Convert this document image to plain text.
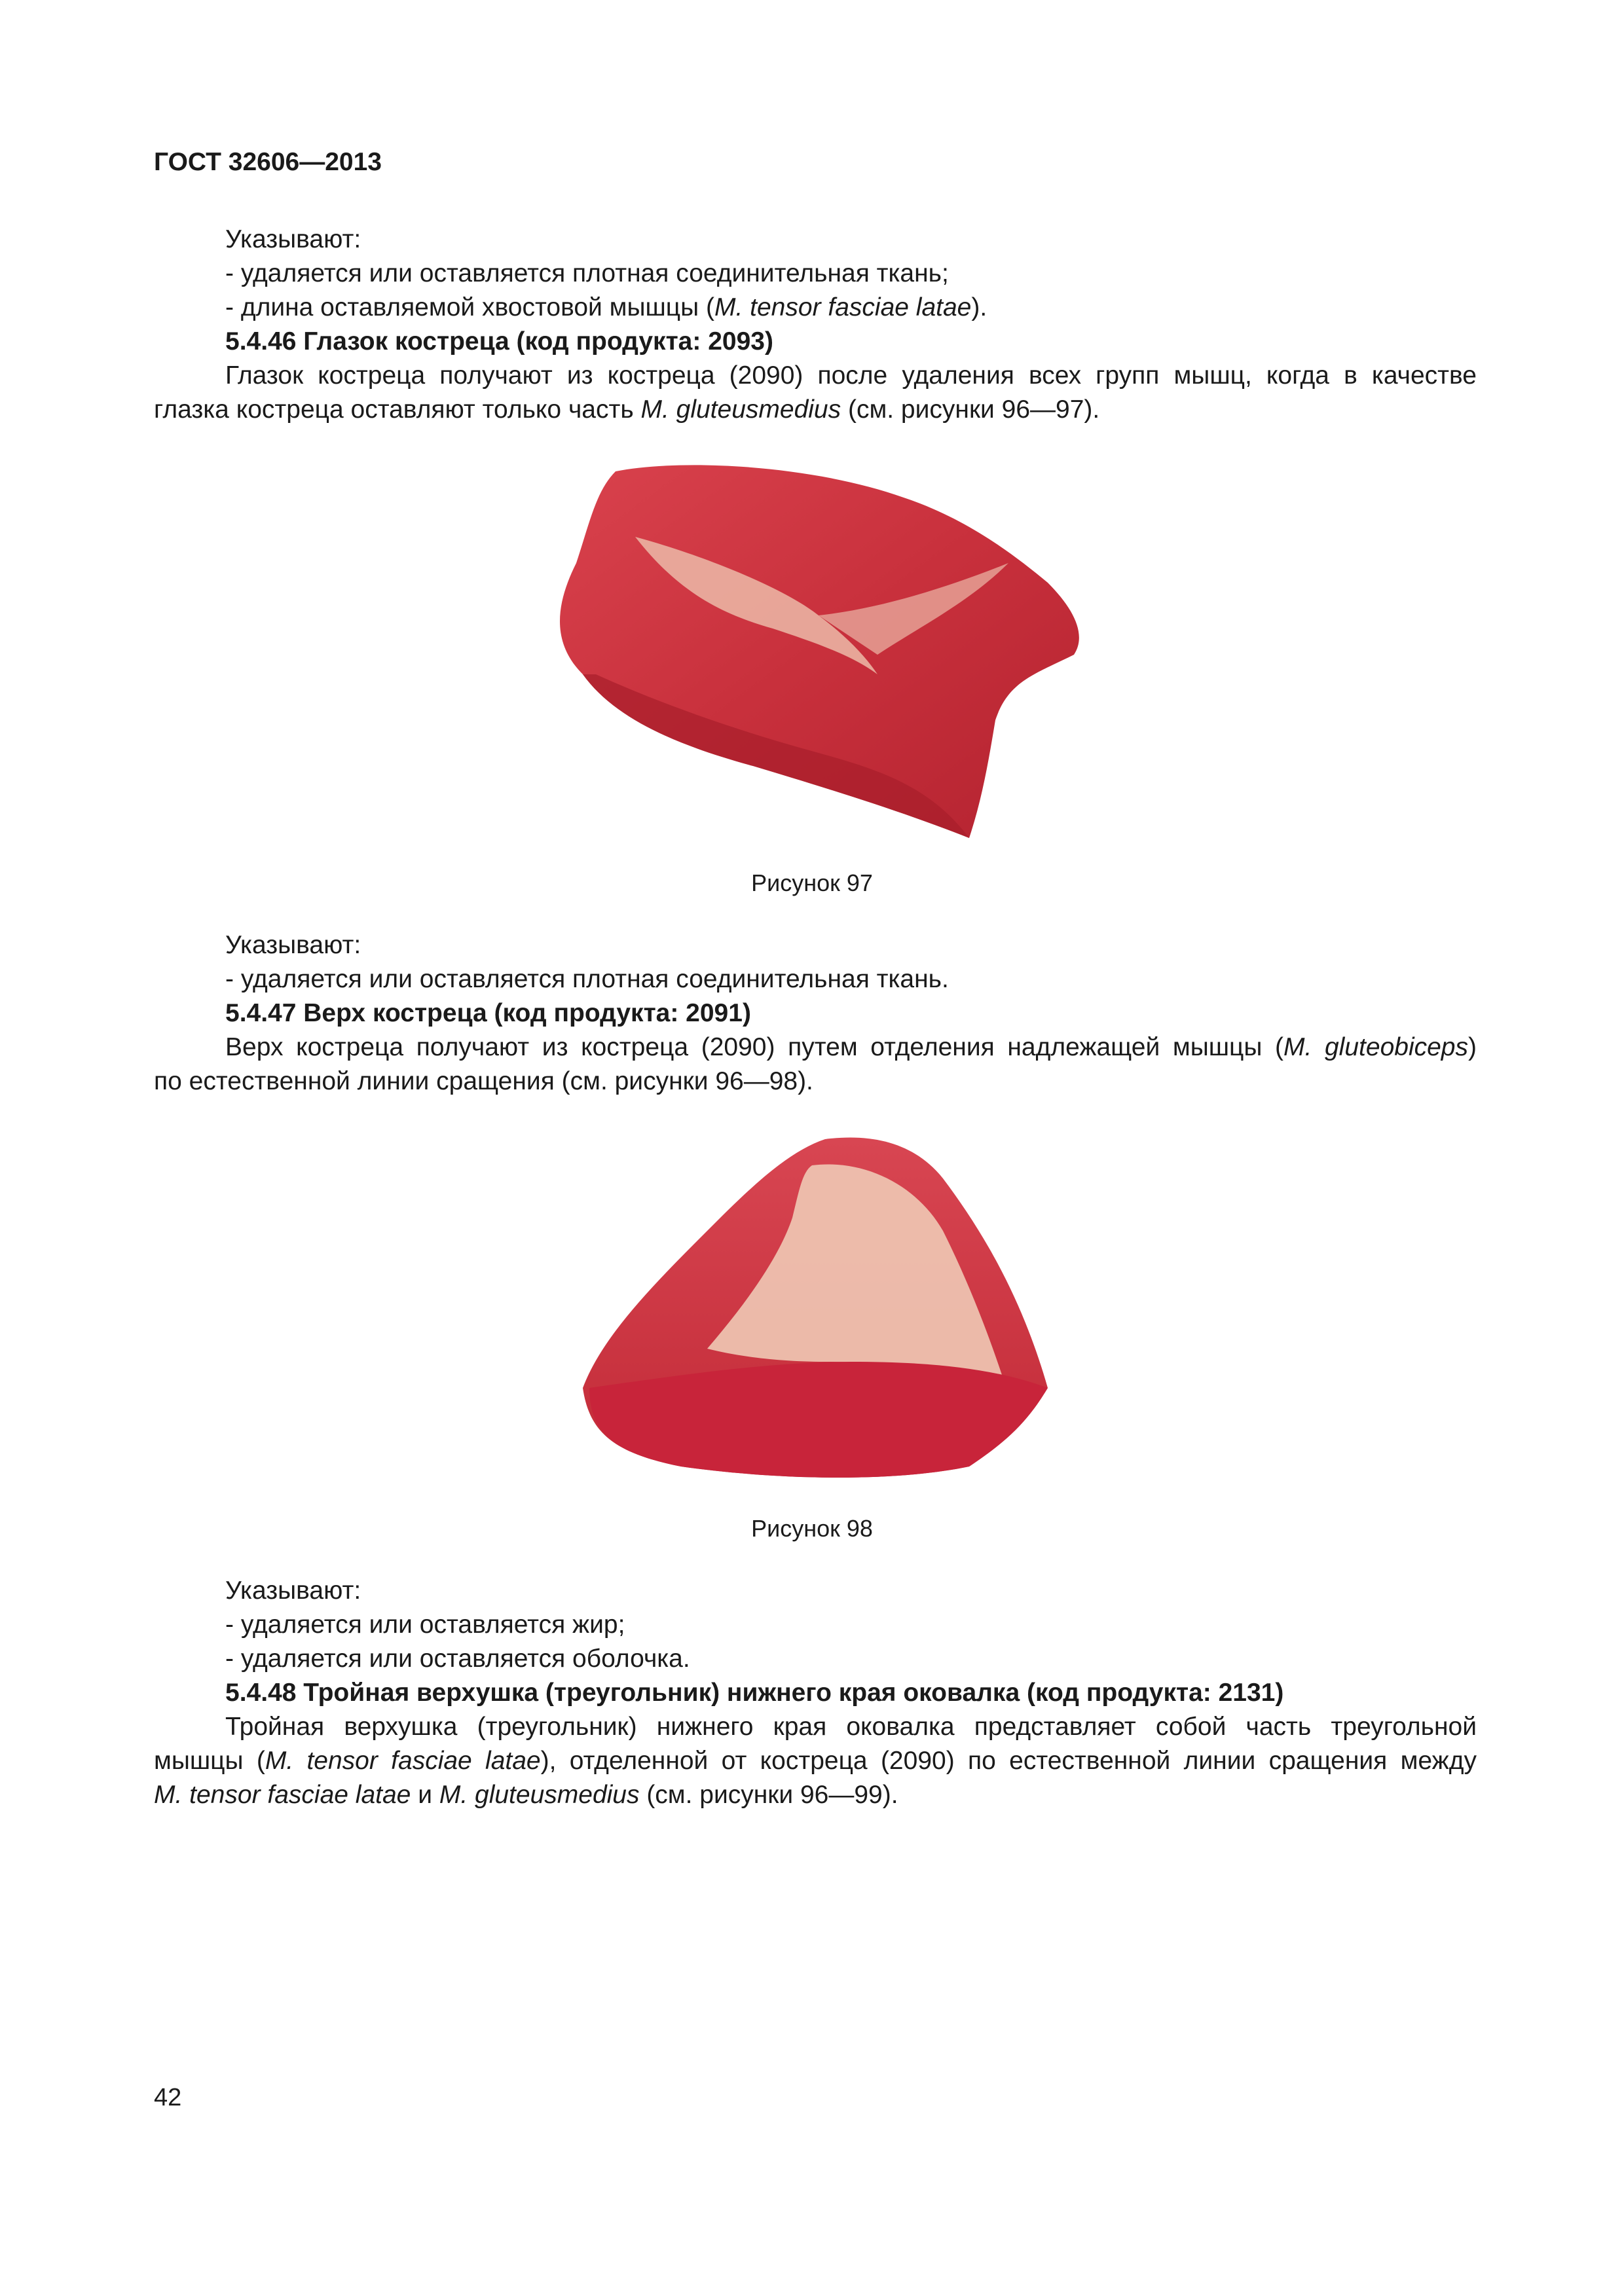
ГОСТ 32606—2013
Указывают:
- удаляется или оставляется плотная соединительная ткань;
- длина оставляемой хвостовой мышцы (M. tensor fasciae latae).
5.4.46 Глазок костреца (код продукта: 2093)
Глазок костреца получают из костреца (2090) после удаления всех групп мышц, когда в качестве
глазка костреца оставляют только часть M. gluteusmedius (см. рисунки 96—97).
Рисунок 97
Указывают:
- удаляется или оставляется плотная соединительная ткань.
5.4.47 Верх костреца (код продукта: 2091)
Верх костреца получают из костреца (2090) путем отделения надлежащей мышцы (M. gluteobiceps)
по естественной линии сращения (см. рисунки 96—98).
Рисунок 98
Указывают:
- удаляется или оставляется жир;
- удаляется или оставляется оболочка.
5.4.48 Тройная верхушка (треугольник) нижнего края оковалка (код продукта: 2131)
Тройная верхушка (треугольник) нижнего края оковалка представляет собой часть треугольной
мышцы (M. tensor fasciae latae), отделенной от костреца (2090) по естественной линии сращения между
M. tensor fasciae latae и M. gluteusmedius (см. рисунки 96—99).
42
